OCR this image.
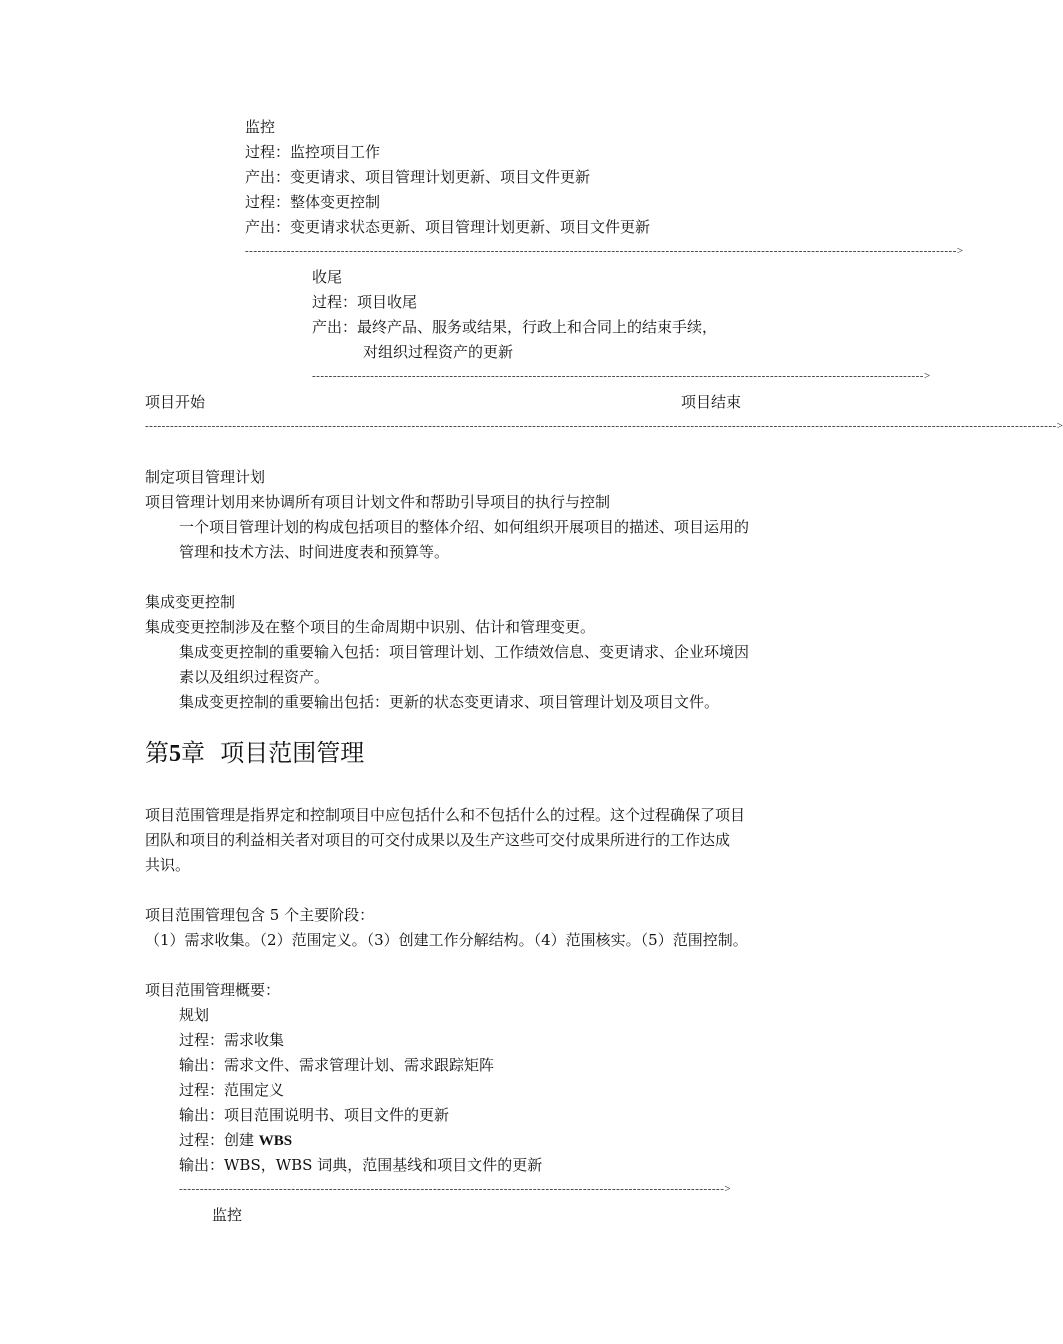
监控
过程：监控项目工作
产出：变更请求、项目管理计划更新、项目文件更新
过程：整体变更控制
产出：变更请求状态更新、项目管理计划更新、项目文件更新
--------------------------------------------------------------------------------------------------------------------------------------------------------------------------->
收尾
过程：项目收尾
产出：最终产品、服务或结果，行政上和合同上的结束手续，
对组织过程资产的更新
--------------------------------------------------------------------------------------------------------------------------------------------------->
项目开始	项目结束
--------------------------------------------------------------------------------------------------------------------------------------------------------------------------------------------------------------------------->
制定项目管理计划
项目管理计划用来协调所有项目计划文件和帮助引导项目的执行与控制
一个项目管理计划的构成包括项目的整体介绍、如何组织开展项目的描述、项目运用的
管理和技术方法、时间进度表和预算等。
集成变更控制
集成变更控制涉及在整个项目的生命周期中识别、估计和管理变更。
集成变更控制的重要输入包括：项目管理计划、工作绩效信息、变更请求、企业环境因
素以及组织过程资产。
集成变更控制的重要输出包括：更新的状态变更请求、项目管理计划及项目文件。
第5章 项目范围管理
项目范围管理是指界定和控制项目中应包括什么和不包括什么的过程。这个过程确保了项目
团队和项目的利益相关者对项目的可交付成果以及生产这些可交付成果所进行的工作达成
共识。
项目范围管理包含 5 个主要阶段：
（1）需求收集。（2）范围定义。（3）创建工作分解结构。（4）范围核实。（5）范围控制。
项目范围管理概要：
规划
过程：需求收集
输出：需求文件、需求管理计划、需求跟踪矩阵
过程：范围定义
输出：项目范围说明书、项目文件的更新
过程：创建 WBS
输出：WBS，WBS 词典，范围基线和项目文件的更新
----------------------------------------------------------------------------------------------------------------------------------->
监控
